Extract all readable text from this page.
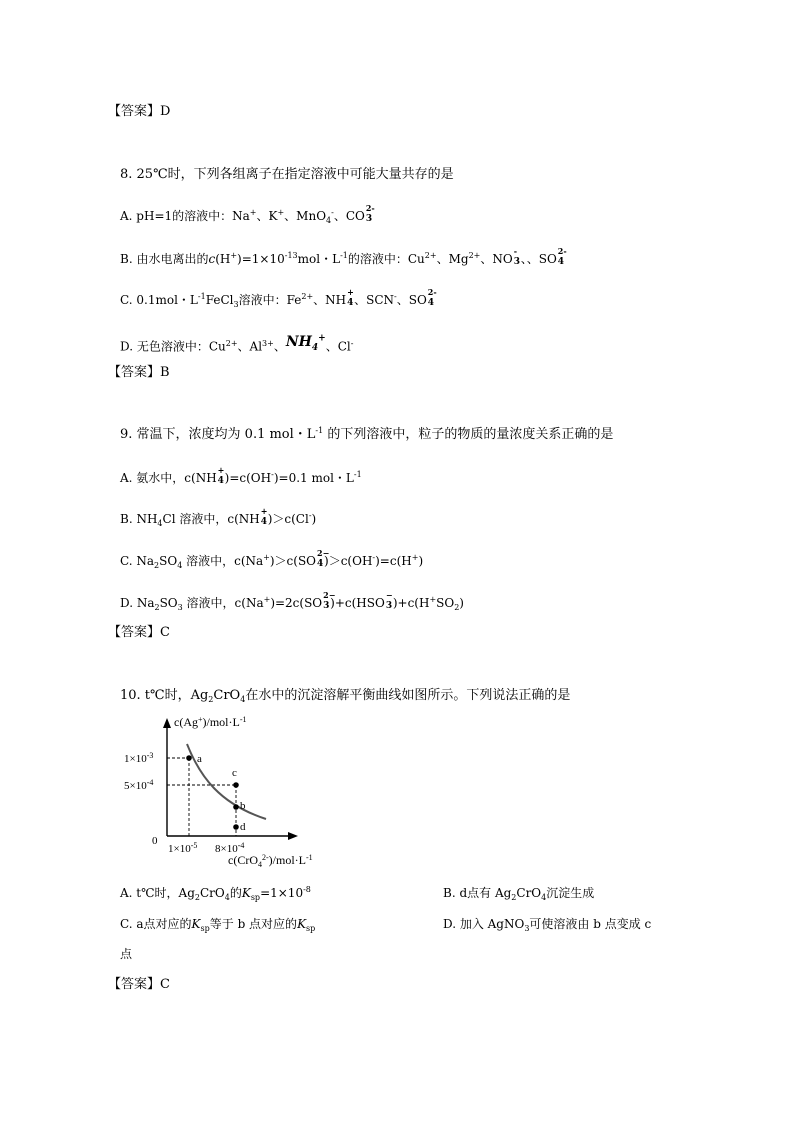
【答案】D
8. 25℃时，下列各组离子在指定溶液中可能大量共存的是
A. pH=1的溶液中：Na+、K+、MnO$_4$-、CO
2-
3
B. 由水电离出的$c(H^+)=1\times 10^{-13}mol$・$L^{-1}$的溶液中：$Cu^{2+}$、$Mg^{2+}$、NO
-
3 、、SO
2-
4
C. 0.1mol・$L^{-1}FeCl_3$溶液中：$Fe^{2+}$、NH
+
4 、SCN-、SO
2-
4
D. 无色溶液中：$Cu^{2+}$、$Al^{3+}$、$NH_4^+$、Cl-
【答案】B
9. 常温下，浓度均为 0.1 mol・$L^{-1}$ 的下列溶液中，粒子的物质的量浓度关系正确的是
A. 氨水中，c(NH
+
4 )=c(OH-)=0.1 mol・$L^{-1}$
B. $NH_4Cl$ 溶液中，c(NH
+
4 )＞c(Cl-)
C. $Na_2SO_4$ 溶液中，c(Na+)＞c(SO
2−
4 )＞c(OH-)=c(H+)
D. $Na_2SO_3$ 溶液中，c(Na+)=2c(SO
2−
3 )+c(HSO
−
3 )$+c(H^+SO_2)$
【答案】C
10. t℃时，$Ag_2CrO_4$在水中的沉淀溶解平衡曲线如图所示。下列说法正确的是
$c(Ag^+)/mol\cdot L^{-1}$
$c(CrO_4^{2-})/mol\cdot L^{-1}$
$1\times 10^{-3}$
$5\times 10^{-4}$
0
$1\times 10^{-5}$ $8\times 10^{-4}$
a
c
b
d
A. t℃时，$Ag_2CrO_4$的$K_{sp}=1\times 10^{-8}$	B. d点有 $Ag_2CrO_4$沉淀生成
C. a点对应的$K_{sp}$等于 b 点对应的$K_{sp}$	D. 加入 AgNO$_3$可使溶液由 b 点变成 c
点
【答案】C
